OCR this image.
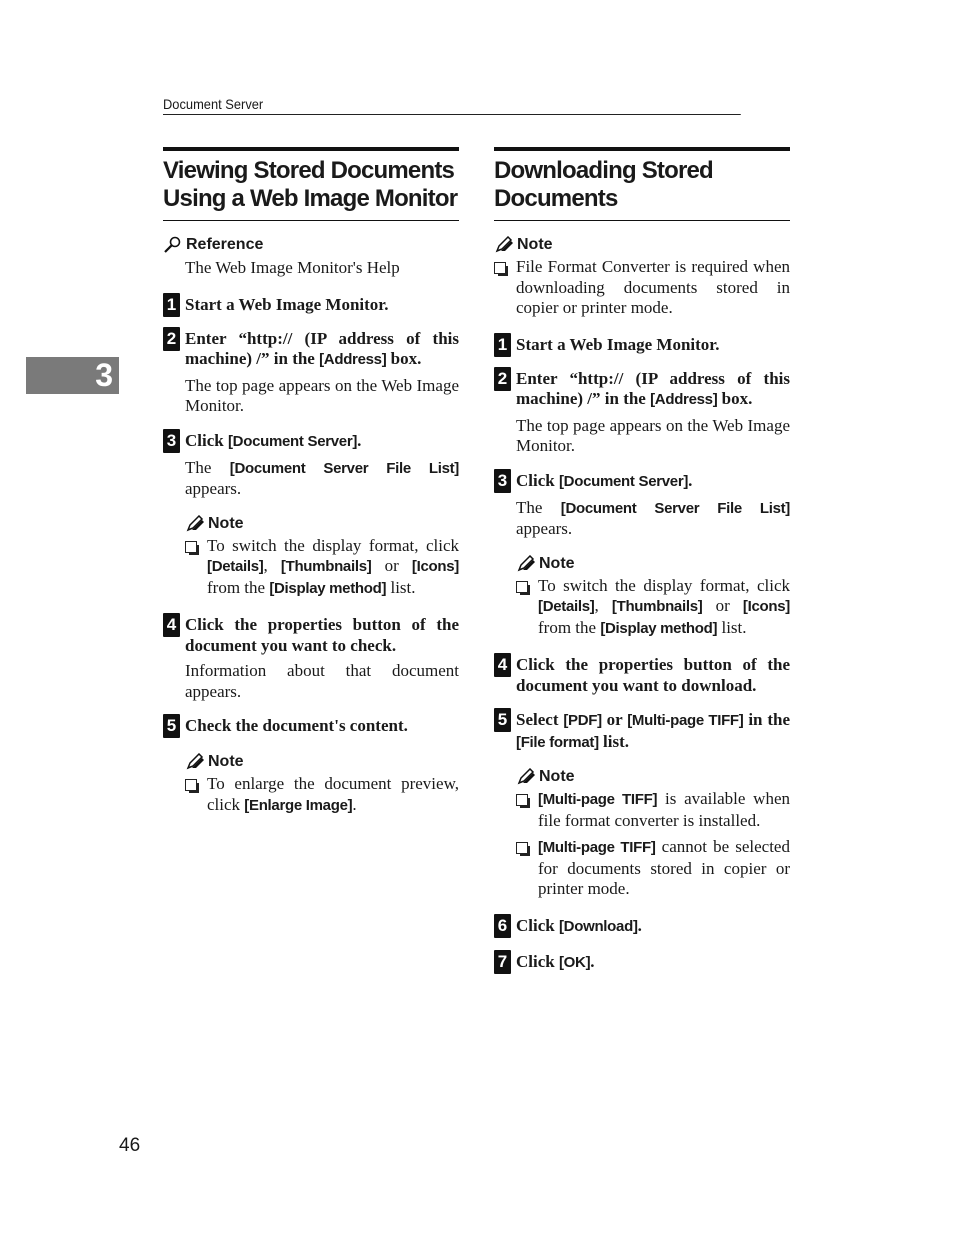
Document Server
3
46
Viewing Stored Documents
Using a Web Image Monitor
Reference
The Web Image Monitor's Help
1 Start a Web Image Monitor.
2 Enter “http:// (IP address of this machine) /” in the [Address] box.
The top page appears on the Web Image Monitor.
3 Click [Document Server].
The [Document Server File List] appears.
Note
To switch the display format, click [Details], [Thumbnails] or [Icons] from the [Display method] list.
4 Click the properties button of the document you want to check.
Information about that document appears.
5 Check the document's content.
Note
To enlarge the document preview, click [Enlarge Image].
Downloading Stored
Documents
Note
File Format Converter is required when downloading documents stored in copier or printer mode.
1 Start a Web Image Monitor.
2 Enter “http:// (IP address of this machine) /” in the [Address] box.
The top page appears on the Web Image Monitor.
3 Click [Document Server].
The [Document Server File List] appears.
Note
To switch the display format, click [Details], [Thumbnails] or [Icons] from the [Display method] list.
4 Click the properties button of the document you want to download.
5 Select [PDF] or [Multi-page TIFF] in the [File format] list.
Note
[Multi-page TIFF] is available when file format converter is installed.
[Multi-page TIFF] cannot be selected for documents stored in copier or printer mode.
6 Click [Download].
7 Click [OK].
